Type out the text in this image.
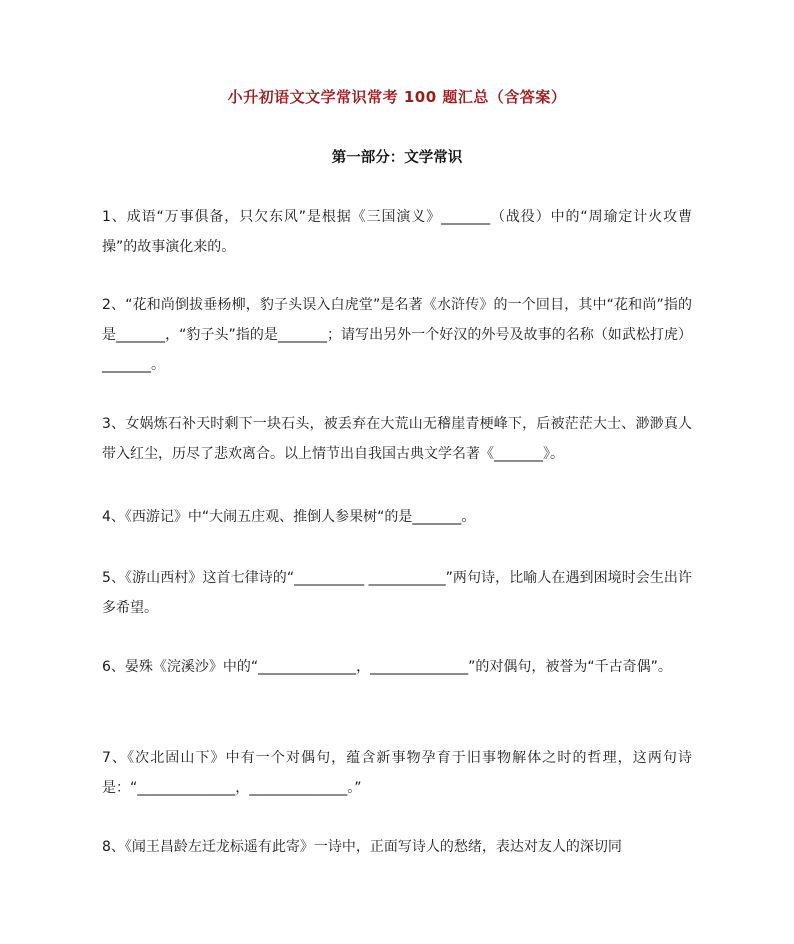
小升初语文文学常识常考 100 题汇总（含答案）
第一部分：文学常识
1、成语“万事俱备，只欠东风”是根据《三国演义》_______（战役）中的“周瑜定计火攻曹操”的故事演化来的。
2、“花和尚倒拔垂杨柳，豹子头误入白虎堂”是名著《水浒传》的一个回目，其中“花和尚”指的是_______，“豹子头”指的是_______；请写出另外一个好汉的外号及故事的名称（如武松打虎）_______。
3、女娲炼石补天时剩下一块石头，被丢弃在大荒山无稽崖青梗峰下，后被茫茫大士、渺渺真人带入红尘，历尽了悲欢离合。以上情节出自我国古典文学名著《_______》。
4、《西游记》中“大闹五庄观、推倒人参果树“的是_______。
5、《游山西村》这首七律诗的“__________ ___________”两句诗，比喻人在遇到困境时会生出许多希望。
6、晏殊《浣溪沙》中的“______________，______________”的对偶句，被誉为“千古奇偶”。
7、《次北固山下》中有一个对偶句，蕴含新事物孕育于旧事物解体之时的哲理，这两句诗是：“______________，______________。”
8、《闻王昌龄左迁龙标遥有此寄》一诗中，正面写诗人的愁绪，表达对友人的深切同
